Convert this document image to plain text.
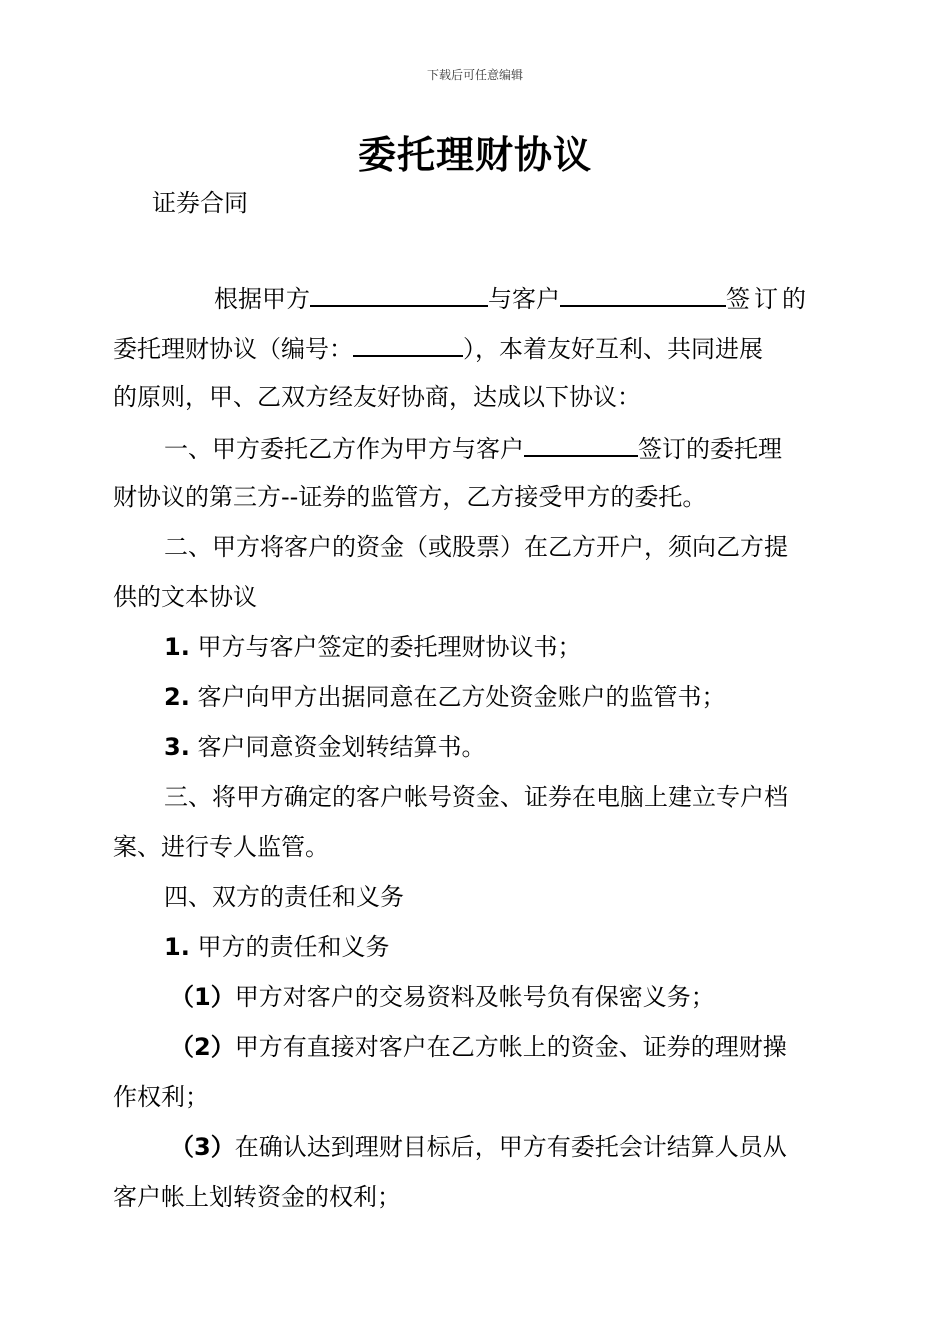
下载后可任意编辑
委托理财协议
证券合同
根据甲方	与客户	签订的
委托理财协议（编号：	），本着友好互利、共同进展
的原则，甲、乙双方经友好协商，达成以下协议：
一、甲方委托乙方作为甲方与客户	签订的委托理
财协议的第三方--证券的监管方，乙方接受甲方的委托。
二、甲方将客户的资金（或股票）在乙方开户，须向乙方提
供的文本协议
1. 甲方与客户签定的委托理财协议书；
2. 客户向甲方出据同意在乙方处资金账户的监管书；
3. 客户同意资金划转结算书。
三、将甲方确定的客户帐号资金、证券在电脑上建立专户档
案、进行专人监管。
四、双方的责任和义务
1. 甲方的责任和义务
（1）甲方对客户的交易资料及帐号负有保密义务；
（2）甲方有直接对客户在乙方帐上的资金、证券的理财操
作权利；
（3）在确认达到理财目标后，甲方有委托会计结算人员从
客户帐上划转资金的权利；
